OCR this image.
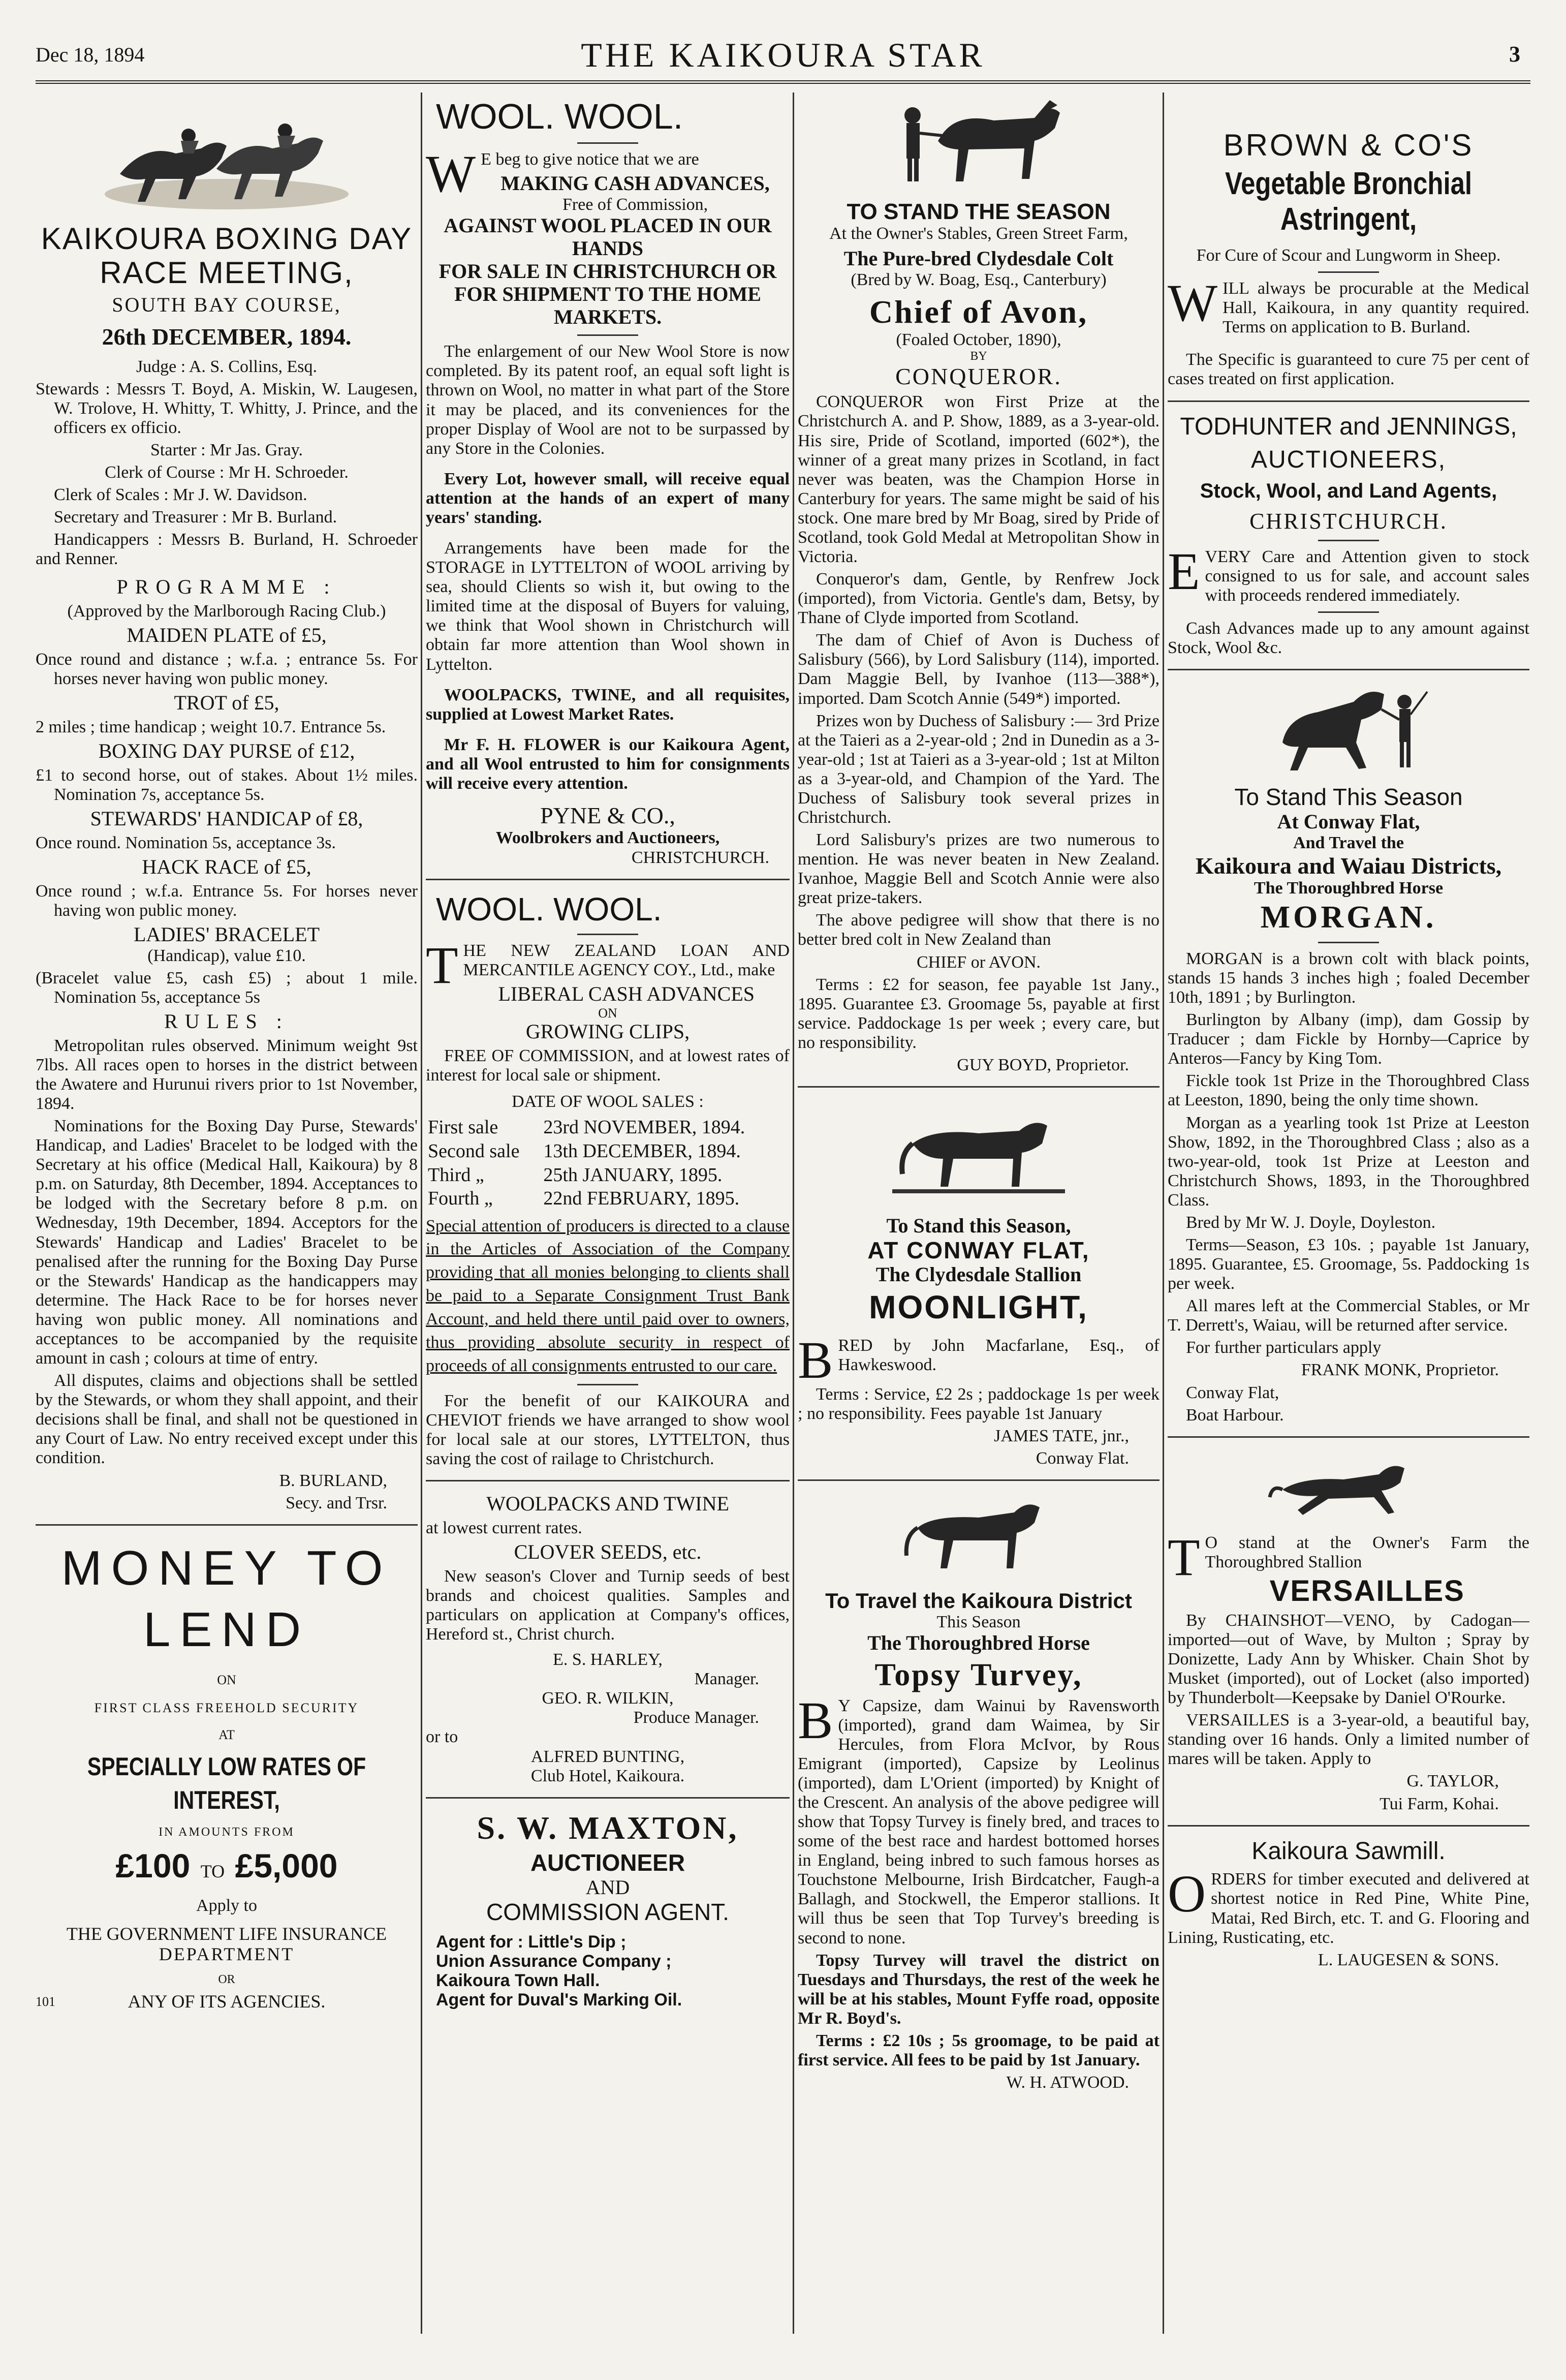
Dec 18, 1894	THE KAIKOURA STAR	3
KAIKOURA BOXING DAY
RACE MEETING,
SOUTH BAY COURSE,
26th DECEMBER, 1894.

Judge : A. S. Collins, Esq.

Stewards : Messrs T. Boyd, A. Miskin, W. Laugesen, W. Trolove, H. Whitty, T. Whitty, J. Prince, and the officers ex officio.

Starter : Mr Jas. Gray.

Clerk of Course : Mr H. Schroeder.

Clerk of Scales : Mr J. W. Davidson.

Secretary and Treasurer : Mr B. Burland.

Handicappers : Messrs B. Burland, H. Schroeder and Renner.

PROGRAMME :

(Approved by the Marlborough Racing Club.)

MAIDEN PLATE of £5,

Once round and distance ; w.f.a. ; entrance 5s. For horses never having won public money.

TROT of £5,

2 miles ; time handicap ; weight 10.7. Entrance 5s.

BOXING DAY PURSE of £12,

£1 to second horse, out of stakes. About 1½ miles. Nomination 7s, acceptance 5s.

STEWARDS' HANDICAP of £8,

Once round. Nomination 5s, acceptance 3s.

HACK RACE of £5,

Once round ; w.f.a. Entrance 5s. For horses never having won public money.

LADIES' BRACELET
(Handicap), value £10.

(Bracelet value £5, cash £5) ; about 1 mile. Nomination 5s, acceptance 5s

RULES :

Metropolitan rules observed. Minimum weight 9st 7lbs. All races open to horses in the district between the Awatere and Hurunui rivers prior to 1st November, 1894.

Nominations for the Boxing Day Purse, Stewards' Handicap, and Ladies' Bracelet to be lodged with the Secretary at his office (Medical Hall, Kaikoura) by 8 p.m. on Saturday, 8th December, 1894. Acceptances to be lodged with the Secretary before 8 p.m. on Wednesday, 19th December, 1894. Acceptors for the Stewards' Handicap and Ladies' Bracelet to be penalised after the running for the Boxing Day Purse or the Stewards' Handicap as the handicappers may determine. The Hack Race to be for horses never having won public money. All nominations and acceptances to be accompanied by the requisite amount in cash ; colours at time of entry.

All disputes, claims and objections shall be settled by the Stewards, or whom they shall appoint, and their decisions shall be final, and shall not be questioned in any Court of Law. No entry received except under this condition.

B. BURLAND,

Secy. and Trsr.

MONEY TO
LEND
ON
FIRST CLASS FREEHOLD SECURITY
AT
SPECIALLY LOW RATES OF
INTEREST,
IN AMOUNTS FROM
£100 TO £5,000
Apply to
THE GOVERNMENT LIFE INSURANCE
DEPARTMENT
OR
101	ANY OF ITS AGENCIES.
WOOL. WOOL.

WE beg to give notice that we are

MAKING CASH ADVANCES,
Free of Commission,
AGAINST WOOL PLACED IN OUR HANDS
FOR SALE IN CHRISTCHURCH OR FOR SHIPMENT TO THE HOME MARKETS.

The enlargement of our New Wool Store is now completed. By its patent roof, an equal soft light is thrown on Wool, no matter in what part of the Store it may be placed, and its conveniences for the proper Display of Wool are not to be surpassed by any Store in the Colonies.

Every Lot, however small, will receive equal attention at the hands of an expert of many years' standing.

Arrangements have been made for the STORAGE in LYTTELTON of WOOL arriving by sea, should Clients so wish it, but owing to the limited time at the disposal of Buyers for valuing, we think that Wool shown in Christchurch will obtain far more attention than Wool shown in Lyttelton.

WOOLPACKS, TWINE, and all requisites, supplied at Lowest Market Rates.

Mr F. H. FLOWER is our Kaikoura Agent, and all Wool entrusted to him for consignments will receive every attention.

PYNE & CO.,
Woolbrokers and Auctioneers,
CHRISTCHURCH.
WOOL. WOOL.

THE NEW ZEALAND LOAN AND MERCANTILE AGENCY COY., Ltd., make

LIBERAL CASH ADVANCES
ON
GROWING CLIPS,

FREE OF COMMISSION, and at lowest rates of interest for local sale or shipment.

DATE OF WOOL SALES :
First sale	23rd NOVEMBER, 1894.
Second sale	13th DECEMBER, 1894.
Third „	25th JANUARY, 1895.
Fourth „	22nd FEBRUARY, 1895.

Special attention of producers is directed to a clause in the Articles of Association of the Company providing that all monies belonging to clients shall be paid to a Separate Consignment Trust Bank Account, and held there until paid over to owners, thus providing absolute security in respect of proceeds of all consignments entrusted to our care.

For the benefit of our KAIKOURA and CHEVIOT friends we have arranged to show wool for local sale at our stores, LYTTELTON, thus saving the cost of railage to Christchurch.

WOOLPACKS AND TWINE

at lowest current rates.

CLOVER SEEDS, etc.

New season's Clover and Turnip seeds of best brands and choicest qualities. Samples and particulars on application at Company's offices, Hereford st., Christ church.

E. S. HARLEY,
Manager.
GEO. R. WILKIN,
Produce Manager.
or to
ALFRED BUNTING,
Club Hotel, Kaikoura.
S. W. MAXTON,
AUCTIONEER
AND
COMMISSION AGENT.
Agent for : Little's Dip ;
Union Assurance Company ;
Kaikoura Town Hall.
Agent for Duval's Marking Oil.
TO STAND THE SEASON
At the Owner's Stables, Green Street Farm,
The Pure-bred Clydesdale Colt
(Bred by W. Boag, Esq., Canterbury)
Chief of Avon,
(Foaled October, 1890),
BY
CONQUEROR.

CONQUEROR won First Prize at the Christchurch A. and P. Show, 1889, as a 3-year-old. His sire, Pride of Scotland, imported (602*), the winner of a great many prizes in Scotland, in fact never was beaten, was the Champion Horse in Canterbury for years. The same might be said of his stock. One mare bred by Mr Boag, sired by Pride of Scotland, took Gold Medal at Metropolitan Show in Victoria.

Conqueror's dam, Gentle, by Renfrew Jock (imported), from Victoria. Gentle's dam, Betsy, by Thane of Clyde imported from Scotland.

The dam of Chief of Avon is Duchess of Salisbury (566), by Lord Salisbury (114), imported. Dam Maggie Bell, by Ivanhoe (113—388*), imported. Dam Scotch Annie (549*) imported.

Prizes won by Duchess of Salisbury :— 3rd Prize at the Taieri as a 2-year-old ; 2nd in Dunedin as a 3-year-old ; 1st at Taieri as a 3-year-old ; 1st at Milton as a 3-year-old, and Champion of the Yard. The Duchess of Salisbury took several prizes in Christchurch.

Lord Salisbury's prizes are two numerous to mention. He was never beaten in New Zealand. Ivanhoe, Maggie Bell and Scotch Annie were also great prize-takers.

The above pedigree will show that there is no better bred colt in New Zealand than

CHIEF or AVON.

Terms : £2 for season, fee payable 1st Jany., 1895. Guarantee £3. Groomage 5s, payable at first service. Paddockage 1s per week ; every care, but no responsibility.

GUY BOYD, Proprietor.

To Stand this Season,
AT CONWAY FLAT,
The Clydesdale Stallion
MOONLIGHT,

BRED by John Macfarlane, Esq., of Hawkeswood.

Terms : Service, £2 2s ; paddockage 1s per week ; no responsibility. Fees payable 1st January

JAMES TATE, jnr.,

Conway Flat.

To Travel the Kaikoura District
This Season
The Thoroughbred Horse
Topsy Turvey,

BY Capsize, dam Wainui by Ravensworth (imported), grand dam Waimea, by Sir Hercules, from Flora McIvor, by Rous Emigrant (imported), Capsize by Leolinus (imported), dam L'Orient (imported) by Knight of the Crescent. An analysis of the above pedigree will show that Topsy Turvey is finely bred, and traces to some of the best race and hardest bottomed horses in England, being inbred to such famous horses as Touchstone Melbourne, Irish Birdcatcher, Faugh-a Ballagh, and Stockwell, the Emperor stallions. It will thus be seen that Top Turvey's breeding is second to none.

Topsy Turvey will travel the district on Tuesdays and Thursdays, the rest of the week he will be at his stables, Mount Fyffe road, opposite Mr R. Boyd's.

Terms : £2 10s ; 5s groomage, to be paid at first service. All fees to be paid by 1st January.

W. H. ATWOOD.

BROWN & CO'S
Vegetable Bronchial Astringent,
For Cure of Scour and Lungworm in Sheep.

WILL always be procurable at the Medical Hall, Kaikoura, in any quantity required. Terms on application to B. Burland.

The Specific is guaranteed to cure 75 per cent of cases treated on first application.

TODHUNTER and JENNINGS,
AUCTIONEERS,
Stock, Wool, and Land Agents,
CHRISTCHURCH.

EVERY Care and Attention given to stock consigned to us for sale, and account sales with proceeds rendered immediately.

Cash Advances made up to any amount against Stock, Wool &c.

To Stand This Season
At Conway Flat,
And Travel the
Kaikoura and Waiau Districts,
The Thoroughbred Horse
MORGAN.

MORGAN is a brown colt with black points, stands 15 hands 3 inches high ; foaled December 10th, 1891 ; by Burlington.

Burlington by Albany (imp), dam Gossip by Traducer ; dam Fickle by Hornby—Caprice by Anteros—Fancy by King Tom.

Fickle took 1st Prize in the Thoroughbred Class at Leeston, 1890, being the only time shown.

Morgan as a yearling took 1st Prize at Leeston Show, 1892, in the Thoroughbred Class ; also as a two-year-old, took 1st Prize at Leeston and Christchurch Shows, 1893, in the Thoroughbred Class.

Bred by Mr W. J. Doyle, Doyleston.

Terms—Season, £3 10s. ; payable 1st January, 1895. Guarantee, £5. Groomage, 5s. Paddocking 1s per week.

All mares left at the Commercial Stables, or Mr T. Derrett's, Waiau, will be returned after service.

For further particulars apply

FRANK MONK, Proprietor.

Conway Flat,

Boat Harbour.

TO stand at the Owner's Farm the Thoroughbred Stallion

VERSAILLES

By CHAINSHOT—VENO, by Cadogan—imported—out of Wave, by Multon ; Spray by Donizette, Lady Ann by Whisker. Chain Shot by Musket (imported), out of Locket (also imported) by Thunderbolt—Keepsake by Daniel O'Rourke.

VERSAILLES is a 3-year-old, a beautiful bay, standing over 16 hands. Only a limited number of mares will be taken. Apply to

G. TAYLOR,

Tui Farm, Kohai.

Kaikoura Sawmill.

ORDERS for timber executed and delivered at shortest notice in Red Pine, White Pine, Matai, Red Birch, etc. T. and G. Flooring and Lining, Rusticating, etc.

L. LAUGESEN & SONS.
